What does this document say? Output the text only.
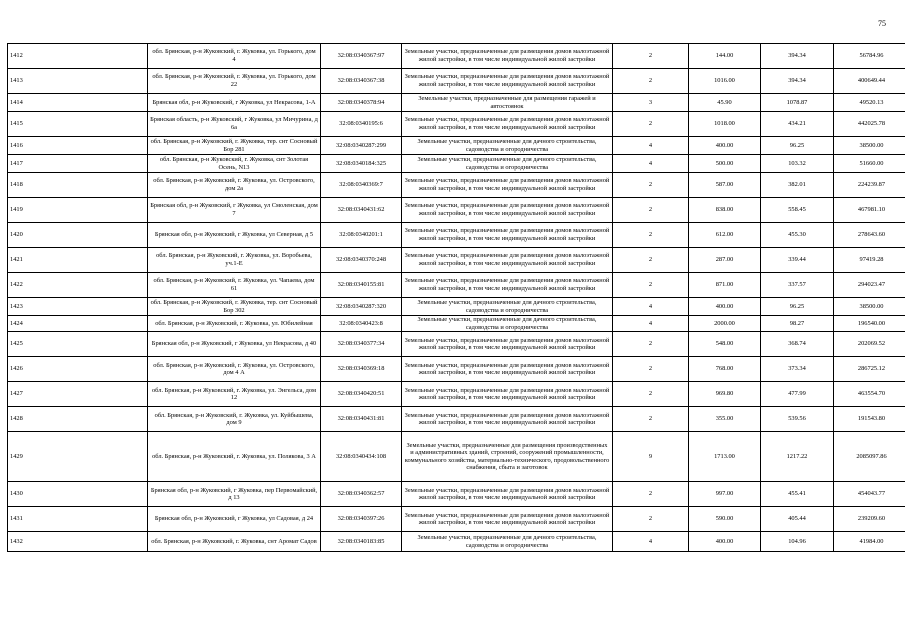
75
1412	обл. Брянская, р-н Жуковский, г. Жуковка, ул. Горького, дом 4	32:08:0340367:97	Земельные участки, предназначенные для размещения домов малоэтажной жилой застройки, в том числе индивидуальной жилой застройки	2	144.00	394.34	56784.96
1413	обл. Брянская, р-н Жуковский, г. Жуковка, ул. Горького, дом 22	32:08:0340367:38	Земельные участки, предназначенные для размещения домов малоэтажной жилой застройки, в том числе индивидуальной жилой застройки	2	1016.00	394.34	400649.44
1414	Брянская обл, р-н Жуковский, г Жуковка, ул Некрасова, 1-А	32:08:0340378:94	Земельные участки, предназначенные для размещения гаражей и автостоянок	3	45.90	1078.87	49520.13
1415	Брянская область, р-н Жуковский, г Жуковка, ул Мичурина, д 6а	32:08:0340195:6	Земельные участки, предназначенные для размещения домов малоэтажной жилой застройки, в том числе индивидуальной жилой застройки	2	1018.00	434.21	442025.78
1416	обл. Брянская, р-н Жуковский, г. Жуковка, тер. снт Сосновый Бор 281	32:08:0340287:299	Земельные участки, предназначенные для дачного строительства, садоводства и огородничества	4	400.00	96.25	38500.00
1417	обл. Брянская, р-н Жуковский, г. Жуковка, снт Золотая Осень, N13	32:08:0340184:325	Земельные участки, предназначенные для дачного строительства, садоводства и огородничества	4	500.00	103.32	51660.00
1418	обл. Брянская, р-н Жуковский, г. Жуковка, ул. Островского, дом 2а	32:08:0340369:7	Земельные участки, предназначенные для размещения домов малоэтажной жилой застройки, в том числе индивидуальной жилой застройки	2	587.00	382.01	224239.87
1419	Брянская обл, р-н Жуковский, г Жуковка, ул Смоленская, дом 7	32:08:0340431:62	Земельные участки, предназначенные для размещения домов малоэтажной жилой застройки, в том числе индивидуальной жилой застройки	2	838.00	558.45	467981.10
1420	Брянская обл, р-н Жуковский, г Жуковка, ул Северная, д 5	32:08:0340201:1	Земельные участки, предназначенные для размещения домов малоэтажной жилой застройки, в том числе индивидуальной жилой застройки	2	612.00	455.30	278643.60
1421	обл. Брянская, р-н Жуковский, г. Жуковка, ул. Воробьева, уч.1-Е	32:08:0340370:248	Земельные участки, предназначенные для размещения домов малоэтажной жилой застройки, в том числе индивидуальной жилой застройки	2	287.00	339.44	97419.28
1422	обл. Брянская, р-н Жуковский, г. Жуковка, ул. Чапаева, дом 61	32:08:0340155:81	Земельные участки, предназначенные для размещения домов малоэтажной жилой застройки, в том числе индивидуальной жилой застройки	2	871.00	337.57	294023.47
1423	обл. Брянская, р-н Жуковский, г. Жуковка, тер. снт Сосновый Бор 302	32:08:0340287:320	Земельные участки, предназначенные для дачного строительства, садоводства и огородничества	4	400.00	96.25	38500.00
1424	обл. Брянская, р-н Жуковский, г. Жуковка, ул. Юбилейная	32:08:0340423:8	Земельные участки, предназначенные для дачного строительства, садоводства и огородничества	4	2000.00	98.27	196540.00
1425	Брянская обл, р-н Жуковский, г Жуковка, ул Некрасова, д 40	32:08:0340377:34	Земельные участки, предназначенные для размещения домов малоэтажной жилой застройки, в том числе индивидуальной жилой застройки	2	548.00	368.74	202069.52
1426	обл. Брянская, р-н Жуковский, г. Жуковка, ул. Островского, дом 4 А	32:08:0340369:18	Земельные участки, предназначенные для размещения домов малоэтажной жилой застройки, в том числе индивидуальной жилой застройки	2	768.00	373.34	286725.12
1427	обл. Брянская, р-н Жуковский, г. Жуковка, ул. Энгельса, дом 12	32:08:0340420:51	Земельные участки, предназначенные для размещения домов малоэтажной жилой застройки, в том числе индивидуальной жилой застройки	2	969.80	477.99	463554.70
1428	обл. Брянская, р-н Жуковский, г. Жуковка, ул. Куйбышева, дом 9	32:08:0340431:81	Земельные участки, предназначенные для размещения домов малоэтажной жилой застройки, в том числе индивидуальной жилой застройки	2	355.00	539.56	191543.80
1429	обл. Брянская, р-н Жуковский, г. Жуковка, ул. Полякова, 3 А	32:08:0340434:108	Земельные участки, предназначенные для размещения производственных и административных зданий, строений, сооружений промышленности, коммунального хозяйства, материально-технического, продовольственного снабжения, сбыта и заготовок	9	1713.00	1217.22	2085097.86
1430	Брянская обл, р-н Жуковский, г Жуковка, пер Первомайский, д 13	32:08:0340362:57	Земельные участки, предназначенные для размещения домов малоэтажной жилой застройки, в том числе индивидуальной жилой застройки	2	997.00	455.41	454043.77
1431	Брянская обл, р-н Жуковский, г Жуковка, ул Садовая, д 24	32:08:0340397:26	Земельные участки, предназначенные для размещения домов малоэтажной жилой застройки, в том числе индивидуальной жилой застройки	2	590.00	405.44	239209.60
1432	обл. Брянская, р-н Жуковский, г. Жуковка, снт Аромат Садов	32:08:0340183:85	Земельные участки, предназначенные для дачного строительства, садоводства и огородничества	4	400.00	104.96	41984.00
